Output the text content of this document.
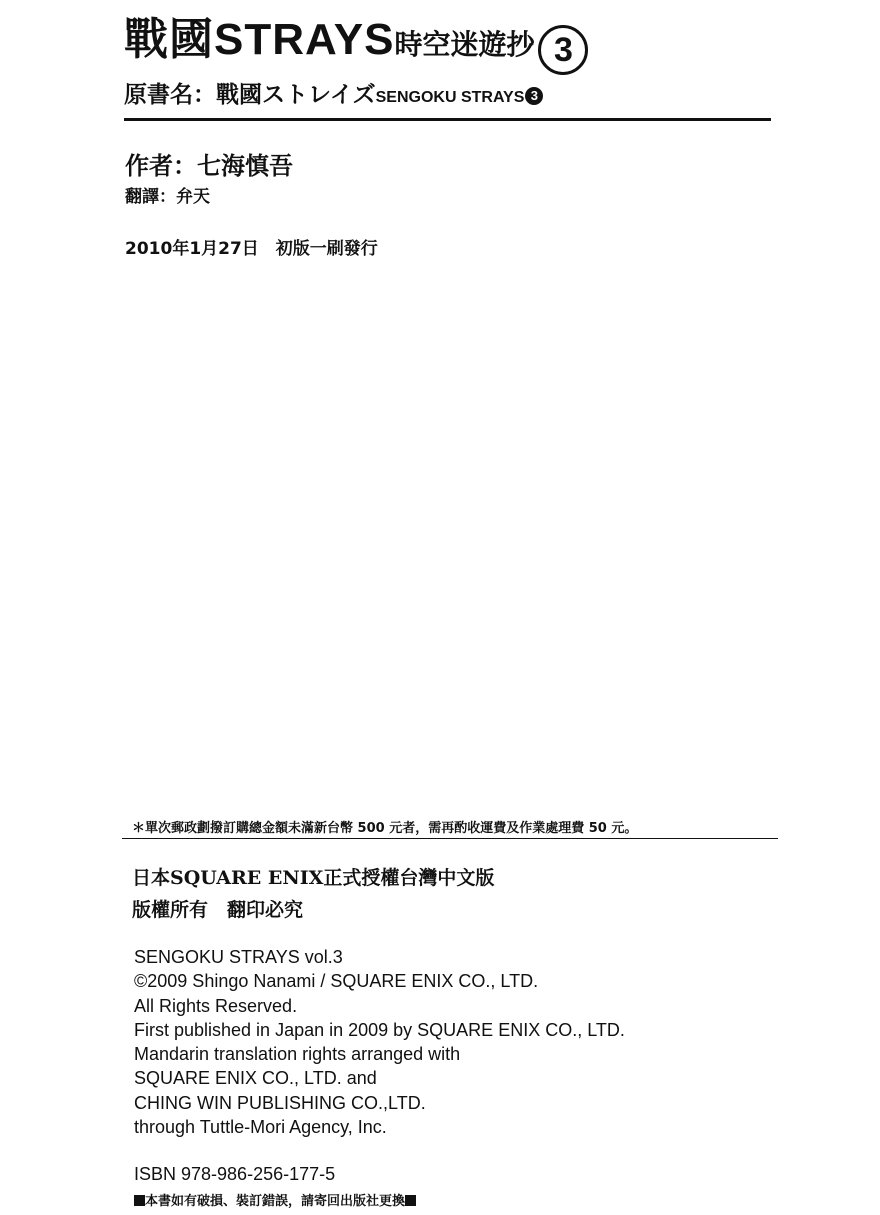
戰國STRAYS時空迷遊抄 3
原書名：戰國ストレイズSENGOKU STRAYS 3
作者：七海慎吾
翻譯：弁天
2010年1月27日　初版一刷發行
＊單次郵政劃撥訂購總金額未滿新台幣 500 元者，需再酌收運費及作業處理費 50 元。
日本SQUARE ENIX正式授權台灣中文版
版權所有　翻印必究
SENGOKU STRAYS vol.3
©2009 Shingo Nanami / SQUARE ENIX CO., LTD.
All Rights Reserved.
First published in Japan in 2009 by SQUARE ENIX CO., LTD.
Mandarin translation rights arranged with
SQUARE ENIX CO., LTD. and
CHING WIN PUBLISHING CO.,LTD.
through Tuttle-Mori Agency, Inc.
ISBN 978-986-256-177-5
本書如有破損、裝訂錯誤，請寄回出版社更換
